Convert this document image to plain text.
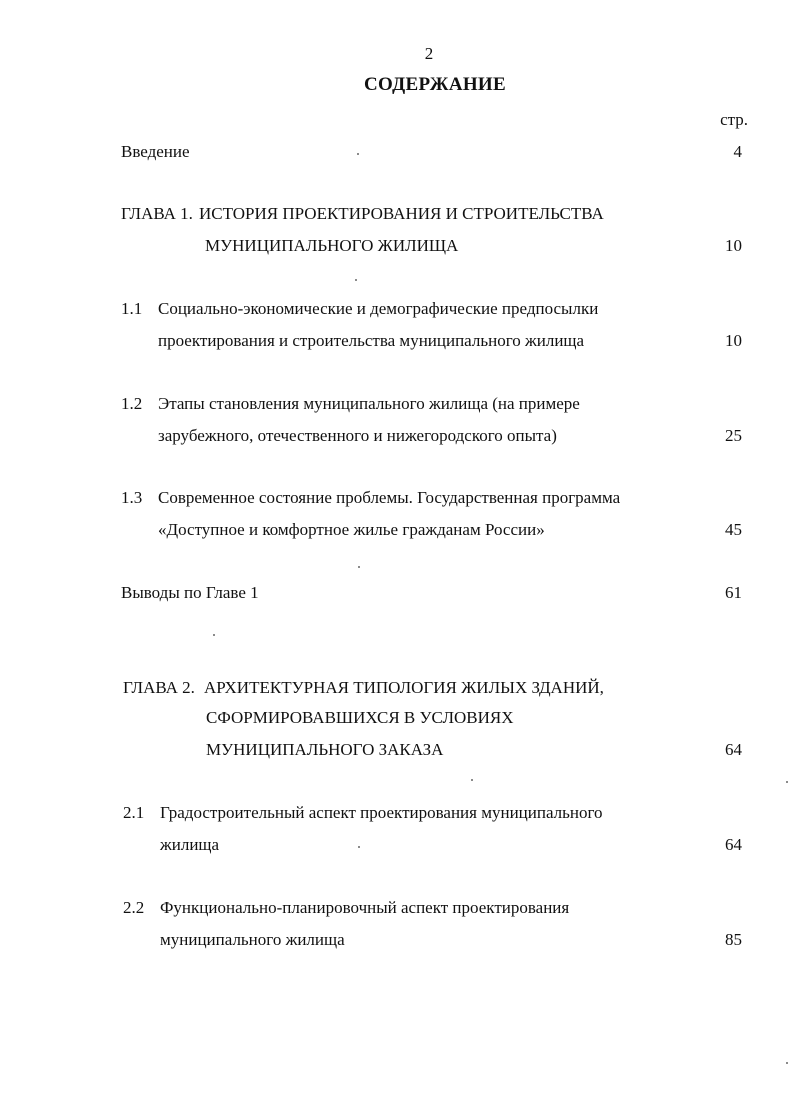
2
СОДЕРЖАНИЕ
стр.
Введение	4
ГЛАВА 1. ИСТОРИЯ ПРОЕКТИРОВАНИЯ И СТРОИТЕЛЬСТВА
МУНИЦИПАЛЬНОГО ЖИЛИЩА	10
1.1 Социально-экономические и демографические предпосылки
проектирования и строительства муниципального жилища	10
1.2 Этапы становления муниципального жилища (на примере
зарубежного, отечественного и нижегородского опыта)	25
1.3 Современное состояние проблемы. Государственная программа
«Доступное и комфортное жилье гражданам России»	45
Выводы по Главе 1	61
ГЛАВА 2. АРХИТЕКТУРНАЯ ТИПОЛОГИЯ ЖИЛЫХ ЗДАНИЙ,
СФОРМИРОВАВШИХСЯ В УСЛОВИЯХ
МУНИЦИПАЛЬНОГО ЗАКАЗА	64
2.1 Градостроительный аспект проектирования муниципального
жилища	64
2.2 Функционально-планировочный аспект проектирования
муниципального жилища	85
